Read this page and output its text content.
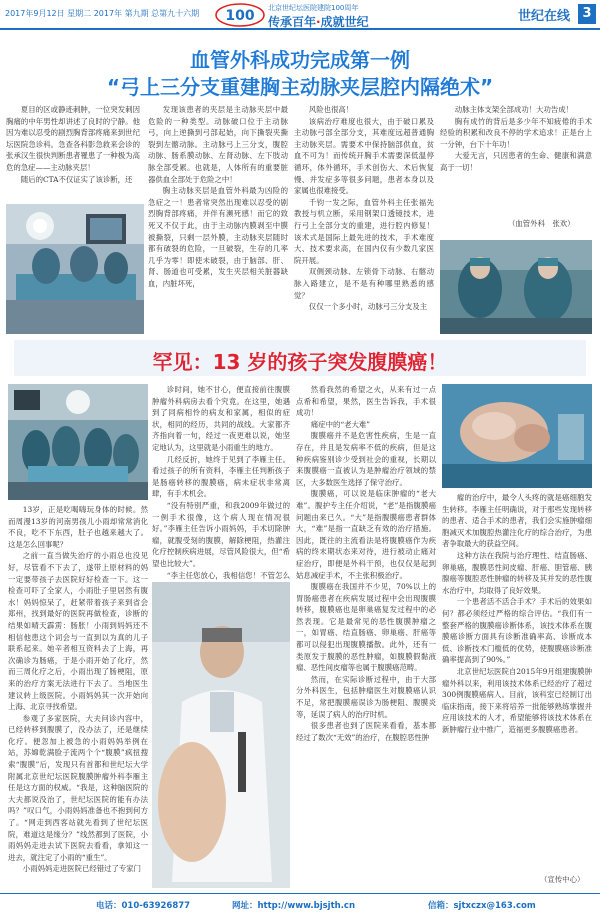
2017年9月12日 星期二 2017年 第九期 总第九十六期 100 北京世纪坛医院建院100周年
传承百年·成就世纪	世纪在线 3
血管外科成功完成第一例
“弓上三分支重建胸主动脉夹层腔内隔绝术”

夏目的区或静迹刺肿，一位突发刺因胸痛的中年男性却讲述了良时的宁静。他因为难以忍受的剧烈胸背部疼痛来到世纪坛医院急诊科。急查各科影急救来会诊的张承汉生很快判断患者罹患了一种极为高危的急症——主动脉夹层！

随后的CTA不仅证实了该诊断，还

发现该患者的夹层是主动脉夹层中最危险的一种类型。动脉破口位于主动脉弓，向上逆撕到弓部起始，向下撕裂夹撕裂到左髂动脉。主动脉弓上三分支，腹腔动脉、肠系膜动脉、左肾动脉、左下肢动脉全部受累。也就是，人体所有的重要脏器供血全部处于危险之中！

胸主动脉夹层是血管外科最为凶险的急症之一！患者常突然出现难以忍受的剧烈胸背部疼痛，并伴有濒死感！而它的致死又不仅于此，由于主动脉内膜剥至中膜被撕裂，只剩一层外膜，主动脉夹层随时都有破裂的危险，一旦破裂，生存的几率几乎为零！即使未破裂，由于脑部、肝、肾、肠道也可受累，发生夹层相关脏器缺血，内脏坏死，

风险也很高！

该病治疗难度也很大，由于破口累及主动脉弓部全部分支，其难度远超普通胸主动脉夹层。需要术中保持脑部供血，贫血不可为！而传统开胸手术需要深低温停循环，体外循环，手术创伤大、术后恢复慢、并发症多等很多问题，患者本身以及家属也很难接受。

千钧一发之际，血管外科主任张福先教授与机立断，采用钢架口透镜技术，进行弓上全部分支的重建，进行腔内修复！该术式是国际上最先进的技术，手术难度大、技术要求高，在国内仅有少数几家医院开展。

双侧颈动脉、左锁骨下动脉、右髂动脉入路建立，是不是有种哪里熟悉的感觉？

仅仅一个多小时，动脉弓三分支及主

动脉主体支架全部成功！大功告成！

胸有成竹的背后是多少年不知疲倦的手术经验的积累和改良不停的学术追求！正是台上一分钟，台下十年功！

大爱无言，只因患者的生命、健康和满意高于一切！

（血管外科　张欢）
罕见：13 岁的孩子突发腹膜癌！

13岁，正是吃喝嗨玩身体的时候。然而周漫13岁的河南男孩儿小雨却常常消化不良，吃不下东西，肚子也越来越大了。这是怎么回事呢？

之前一直当做失治疗的小雨总也没见好，尽管看不下去了，遂带上原材料的妈一定要带孩子去医院好好检查一下。这一检查可吓了全家人，小雨肚子里居然有腹水！妈妈惊呆了，赶紧带着孩子来到省会郑州，找到最好的医院再做检查，诊断的结果如晴天霹雳：肠胀！小雨到妈妈还不相信他患这个词会与一直到以为真的儿子联系起来。她辛者相互资料去了上海，再次确诊为肠癌，于是小雨开始了化疗，然而三周化疗之后，小雨出现了肠梗阻，原来的治疗方案无法进行下去了。当地医生建议转上级医院。小雨妈妈其一次开始向上海、北京寻找希望。

参观了多家医院，大夫问诊内容中，已经转移到腹膜了，没办法了，还是继续化疗。便忽加上被急的小雨妈妈举例在站，苏嫦乾满脸子流两个个“腹膜”疯扭搜索“腹膜”后，发现只有首都和世纪坛大学附属北京世纪坛医院腹膜肿瘤外科李雁主任是这方面的权威。“我是，这种脑医院的大夫都说没治了，世纪坛医院的能有办法吗？”叹口气，小雨妈妈准备也不抱到何方了。“网走到西客站就先看到了世纪坛医院，难道这是缘分？”线然都到了医院，小雨妈妈走进去试下医院去看看，拿知这一进去，就注定了小雨的“重生”。

小雨妈妈走进医院已经错过了专家门

诊时间，她不甘心，便直接前往腹膜肿瘤外科病房去看个究竟。在这里，她遇到了同病相怜的病友和家属，相似的症状，相同的经历，共同的战线。大家都齐齐指向着一句，经过一夜更难以说，她坚定地认为，这里就是小雨重生的地方。

几经反折，她终于见到了李雁主任。看过孩子的所有资料，李雁主任判断孩子是肠癌转移的腹膜癌，病未症状非常离肆，有手术机会。

“没有特别严重，和我2009年做过的一例手术很像，这个病人现在情况很好。”李雁主任告诉小雨妈妈，手术切除肿瘤，就腹受刻的腹膜，解除梗阻，热灌注化疗控制疾病进展，尽管风险很大，但“希望也比较大”。

“李主任您放心，我相信您！不管怎么

然看我然的希望之火，从来有过一点点希和希望，果然，医生告诉我，手术很成功！

痛症中的“老大难”

腹膜癌并不是危害性疾病，生是一直存在，并且是发病率不低的疾病，但是这种疾病鉴别诊少受到社会的重视，长期以来腹膜癌一直被认为是肿瘤治疗领域的禁区，大多数医生选择了保守治疗。

腹膜癌，可以说是临床肿瘤的“老大难”。腹护专主任介绍说，“老”是指腹膜癌问题由来已久。“大”是指腹膜癌患者群体大，“难”是指一直缺乏有效的治疗措施。因此，既往的主流看法是将腹膜癌作为疾病的终末期状态来对待，进行被动止痛对症治疗，即便是外科干预，也仅仅是起到姑息减症手术，不主张积极治疗。

腹膜癌在我国并不少见，70%以上的胃肠癌患者在疾病发展过程中会出现腹膜转移，腹膜癌也是卵巢癌复发过程中的必然表现。它是最常见的恶性腹膜肿瘤之一，如胃癌、结直肠癌、卵巢癌、肝癌等都可以侵犯出现腹膜播散。此外，还有一类原发于腹膜的恶性肿瘤，如腹膜假黏液瘤、恶性间皮瘤等也属于腹膜癌范畴。

然而，在实际诊断过程中，由于大部分外科医生，包括肿瘤医生对腹膜癌认识不足，常把腹膜癌误诊为肠梗阻、腹膜炎等，延误了病人的治疗时机。

很多患者也到了医院来看看，基本都经过了数次“无效”的治疗，在腹腔恶性肿

瘤的治疗中，最令人头疼的就是癌细胞发生转移。李雁主任明确说，对于那些发现转移的患者、适合手术的患者，我们会实施肿瘤细胞减灭术加腹腔热灌注化疗的综合治疗，为患者争取最大的获益空间。

这种方法在我院与治疗理性、结直肠癌、卵巢癌，腹膜恶性间皮瘤、肝癌、胆管癌、胰腺癌等腹腔恶性肿瘤的转移及其并发的恶性腹水治疗中，均取得了良好效果。

一个患者活不活合手术？手术后的效果如何？都必须经过严格的综合评估。“我们有一整套严格的腹膜癌诊断体系，该技术体系在腹膜癌诊断方面具有诊断准确率高、诊断成本低、诊断技术门槛低的优势，使腹膜癌诊断准确率提高到了90%。”

北京世纪坛医院自2015年9月组建腹膜肿瘤外科以来，利用该技术体系已经治疗了超过300例腹膜癌病人。目前，该科室已经制订出临床指南，接下来将培养一批能够熟练掌握并应用该技术的人才，希望能够将该技术体系在新肿瘤行业中推广，造福更多腹膜癌患者。

（宣传中心）
电话：010-63926877	网址：http://www.bjsjth.cn	信箱：sjtxczx@163.com
